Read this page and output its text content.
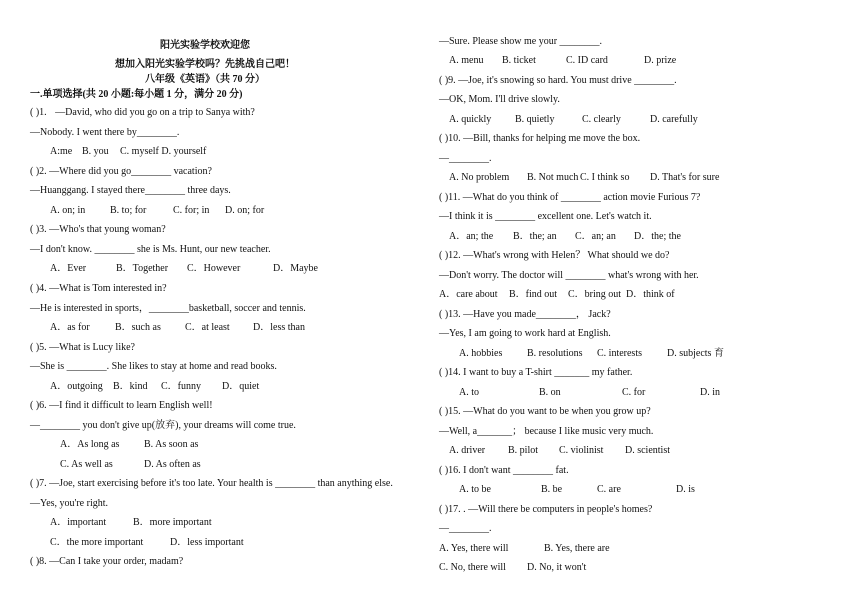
阳光实验学校欢迎您
想加入阳光实验学校吗？先挑战自己吧！
八年级《英语》（共 70 分）
一.单项选择(共 20 小题:每小题 1 分，满分 20 分)
( )1. —David, who did you go on a trip to Sanya with?
—Nobody. I went there by________.
A:me B. you C. myself D. yourself
( )2. —Where did you go________ vacation?
—Huanggang. I stayed there________ three days.
A. on; in B. to; for	C. for; in D. on; for
( )3. —Who's that young woman?
—I don't know. ________ she is Ms. Hunt, our new teacher.
A．Ever	B．Together C．However	D．Maybe
( )4. —What is Tom interested in?
—He is interested in sports，________basketball, soccer and tennis.
A．as for	B．such as C．at least D．less than
( )5. —What is Lucy like?
—She is ________. She likes to stay at home and read books.
A．outgoing B．kind C．funny D．quiet
( )6. —I find it difficult to learn English well!
—________ you don't give up(放弃), your dreams will come true.
A．As long as B. As soon as
C. As well as	D. As often as
( )7. —Joe, start exercising before it's too late. Your health is ________ than anything else.
—Yes, you're right.
A．important	B．more important
C．the more important	D．less important
( )8. —Can I take your order, madam?
—Sure. Please show me your ________.
A. menu B. ticket	C. ID card	D. prize
( )9. —Joe, it's snowing so hard. You must drive ________.
—OK, Mom. I'll drive slowly.
A. quickly B. quietly	C. clearly	D. carefully
( )10. —Bill, thanks for helping me move the box.
—________.
A. No problem B. Not much C. I think so D. That's for sure
( )11. —What do you think of ________ action movie Furious 7?
—I think it is ________ excellent one. Let's watch it.
A．an; the B．the; an C．an; an D．the; the
( )12. —What's wrong with Helen？ What should we do?
—Don't worry. The doctor will ________ what's wrong with her.
A．care about B．find out C．bring out D．think of
( )13. —Have you made________， Jack?
—Yes, I am going to work hard at English.
A. hobbies B. resolutions C. interests	D. subjects 育
( )14. I want to buy a T-shirt _______ my father.
A. to	B. on	C. for	D. in
( )15. —What do you want to be when you grow up?
—Well, a_______； because I like music very much.
A. driver B. pilot C. violinist D. scientist
( )16. I don't want ________ fat.
A. to be	B. be	C. are	D. is
( )17. . —Will there be computers in people's homes?
—________.
A. Yes, there will	B. Yes, there are
C. No, there will D. No, it won't
